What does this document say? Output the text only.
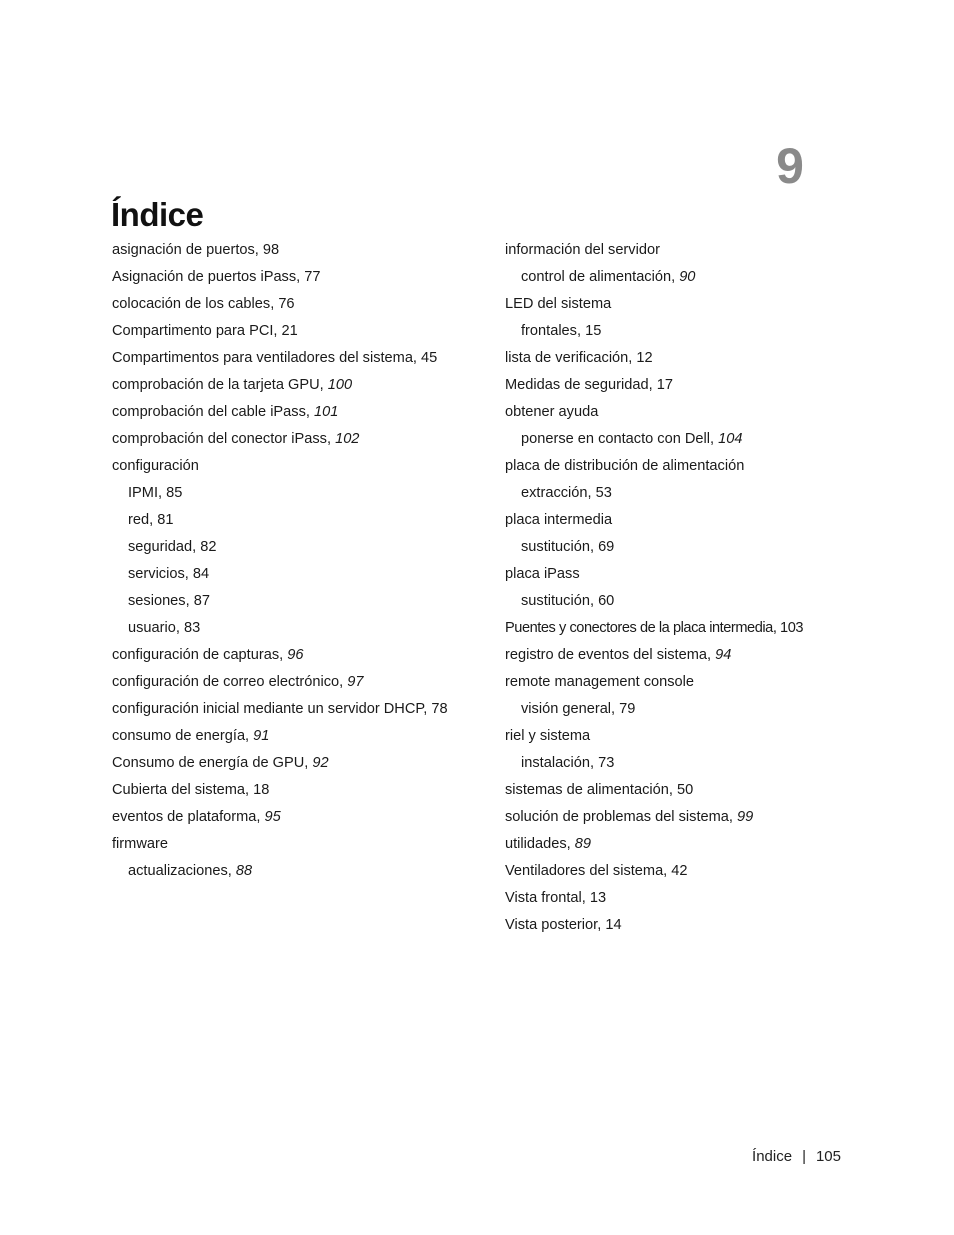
9
Índice
asignación de puertos, 98
Asignación de puertos iPass, 77
colocación de los cables, 76
Compartimento para PCI, 21
Compartimentos para ventiladores del sistema, 45
comprobación de la tarjeta GPU, 100
comprobación del cable iPass, 101
comprobación del conector iPass, 102
configuración
IPMI, 85
red, 81
seguridad, 82
servicios, 84
sesiones, 87
usuario, 83
configuración de capturas, 96
configuración de correo electrónico, 97
configuración inicial mediante un servidor DHCP, 78
consumo de energía, 91
Consumo de energía de GPU, 92
Cubierta del sistema, 18
eventos de plataforma, 95
firmware
actualizaciones, 88
información del servidor
control de alimentación, 90
LED del sistema
frontales, 15
lista de verificación, 12
Medidas de seguridad, 17
obtener ayuda
ponerse en contacto con Dell, 104
placa de distribución de alimentación
extracción, 53
placa intermedia
sustitución, 69
placa iPass
sustitución, 60
Puentes y conectores de la placa intermedia, 103
registro de eventos del sistema, 94
remote management console
visión general, 79
riel y sistema
instalación, 73
sistemas de alimentación, 50
solución de problemas del sistema, 99
utilidades, 89
Ventiladores del sistema, 42
Vista frontal, 13
Vista posterior, 14
Índice | 105
